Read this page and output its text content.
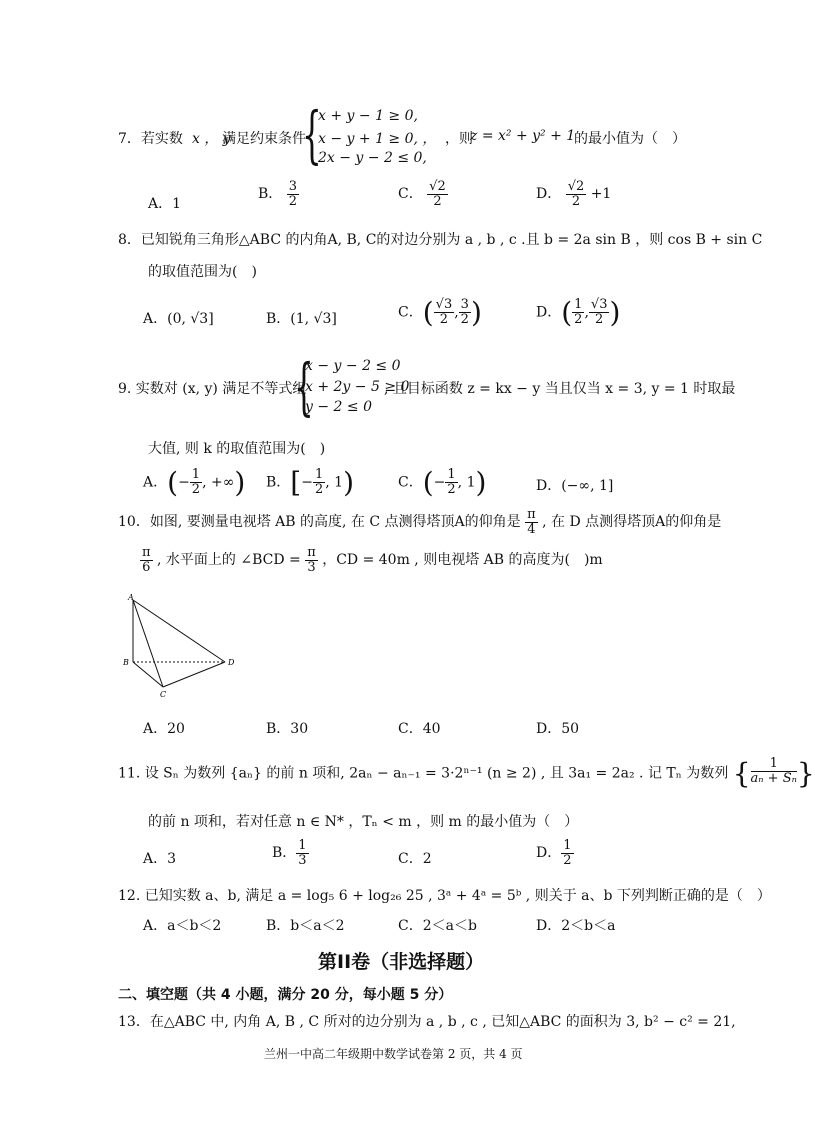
7．若实数 x ， y
满足约束条件
{
x + y − 1 ≥ 0,
x − y + 1 ≥ 0, ，
2x − y − 2 ≤ 0,
，则
z = x² + y² + 1
的最小值为（　）
A．1
B． $\frac{3}{2}$	C． $\frac{√2}{2}$	D． $\frac{√2}{2} +1$
8．已知锐角三角形△ABC 的内角A, B, C的对边分别为 a , b , c .且 b = 2a sin B ，则 cos B + sin C
的取值范围为(　)
A．(0, √3]	B．(1, √3]	C．( $\frac{√3}{2}$ , $\frac{3}{2}$ )	D．( $\frac{1}{2}$ , $\frac{√3}{2}$ )
9. 实数对 (x, y) 满足不等式组
{
x − y − 2 ≤ 0
x + 2y − 5 ≥ 0
y − 2 ≤ 0
, 且目标函数 z = kx − y 当且仅当 x = 3, y = 1 时取最
大值, 则 k 的取值范围为(　)
A．(− $\frac{1}{2}$ , +∞) B．[− $\frac{1}{2}$ , 1)	C．(− $\frac{1}{2}$ , 1)	D．(−∞, 1]
10．如图, 要测量电视塔 AB 的高度, 在 C 点测得塔顶A的仰角是 $\frac{\pi}{4}$ , 在 D 点测得塔顶A的仰角是
$\frac{\pi}{6}$ , 水平面上的 ∠BCD = $\frac{\pi}{3}$ ，CD = 40m , 则电视塔 AB 的高度为(　)m
A
B
C
D
A．20	B．30	C．40	D．50
11. 设 Sₙ 为数列 {aₙ} 的前 n 项和, 2aₙ − aₙ₋₁ = 3·2ⁿ⁻¹ (n ≥ 2) , 且 3a₁ = 2a₂ . 记 Tₙ 为数列 { $\frac{1}{\text{aₙ + Sₙ}}$ }
的前 n 项和，若对任意 n ∈ N* ，Tₙ < m ，则 m 的最小值为（　）
A．3	B． $\frac{1}{3}$	C．2	D． $\frac{1}{2}$
12. 已知实数 a、b, 满足 a = log₅ 6 + log₂₆ 25 , 3ᵃ + 4ᵃ = 5ᵇ , 则关于 a、b 下列判断正确的是（　）
A．a＜b＜2	B．b＜a＜2	C．2＜a＜b	D．2＜b＜a
第II卷（非选择题）
二、填空题（共 4 小题，满分 20 分，每小题 5 分）
13．在△ABC 中, 内角 A, B , C 所对的边分别为 a , b , c , 已知△ABC 的面积为 3, b² − c² = 21,
兰州一中高二年级期中数学试卷第 2 页，共 4 页
